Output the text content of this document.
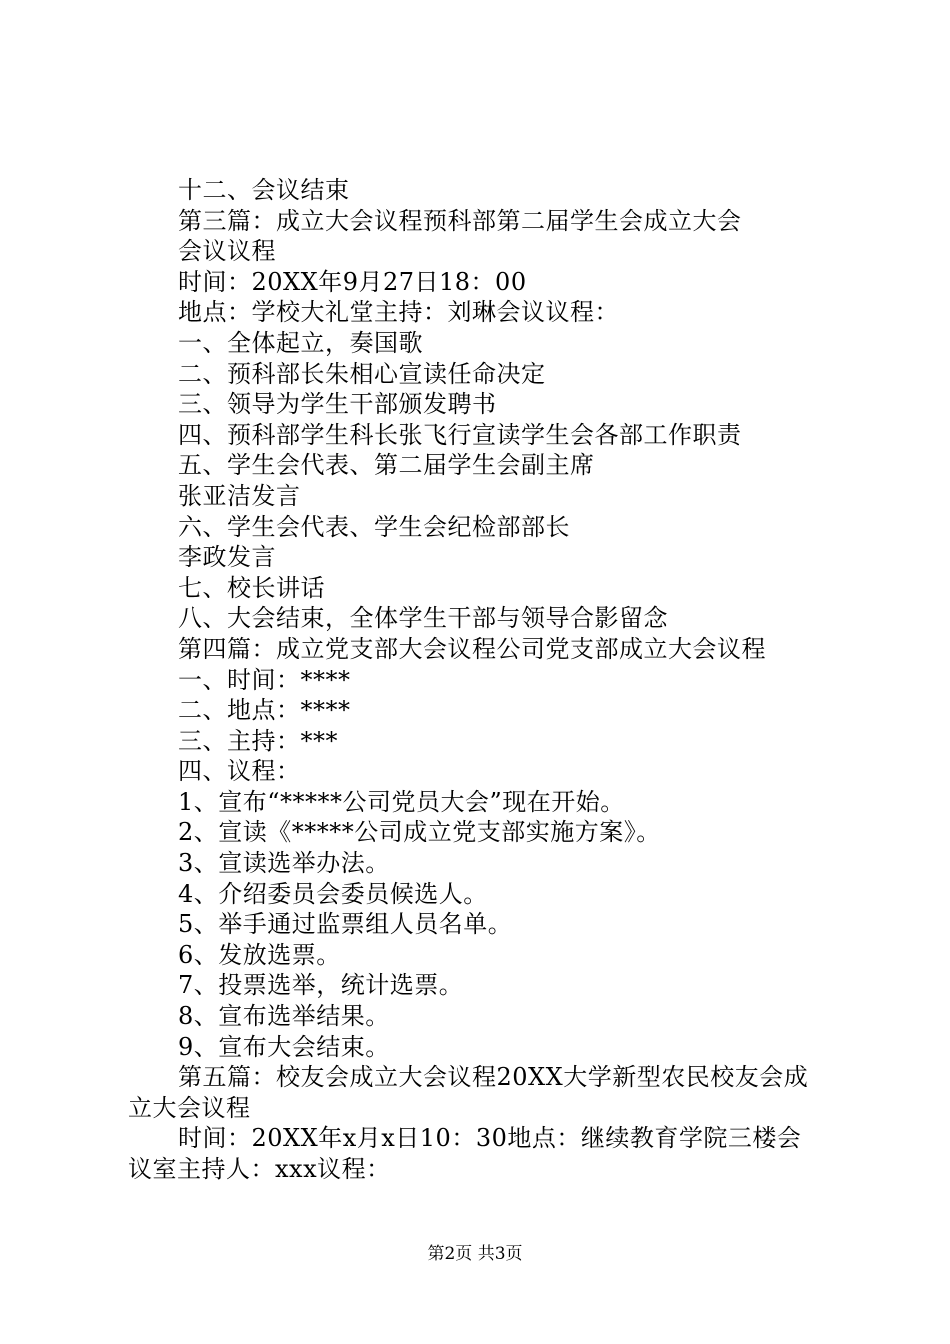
十二、会议结束
第三篇：成立大会议程预科部第二届学生会成立大会
会议议程
时间：20XX年9月27日18：00
地点：学校大礼堂主持：刘琳会议议程：
一、全体起立，奏国歌
二、预科部长朱相心宣读任命决定
三、领导为学生干部颁发聘书
四、预科部学生科长张飞行宣读学生会各部工作职责
五、学生会代表、第二届学生会副主席
张亚洁发言
六、学生会代表、学生会纪检部部长
李政发言
七、校长讲话
八、大会结束，全体学生干部与领导合影留念
第四篇：成立党支部大会议程公司党支部成立大会议程
一、时间：****
二、地点：****
三、主持：***
四、议程：
1、宣布“*****公司党员大会”现在开始。
2、宣读《*****公司成立党支部实施方案》。
3、宣读选举办法。
4、介绍委员会委员候选人。
5、举手通过监票组人员名单。
6、发放选票。
7、投票选举，统计选票。
8、宣布选举结果。
9、宣布大会结束。
第五篇：校友会成立大会议程20XX大学新型农民校友会成
立大会议程
时间：20XX年x月x日10：30地点：继续教育学院三楼会
议室主持人：xxx议程：
第2页 共3页
